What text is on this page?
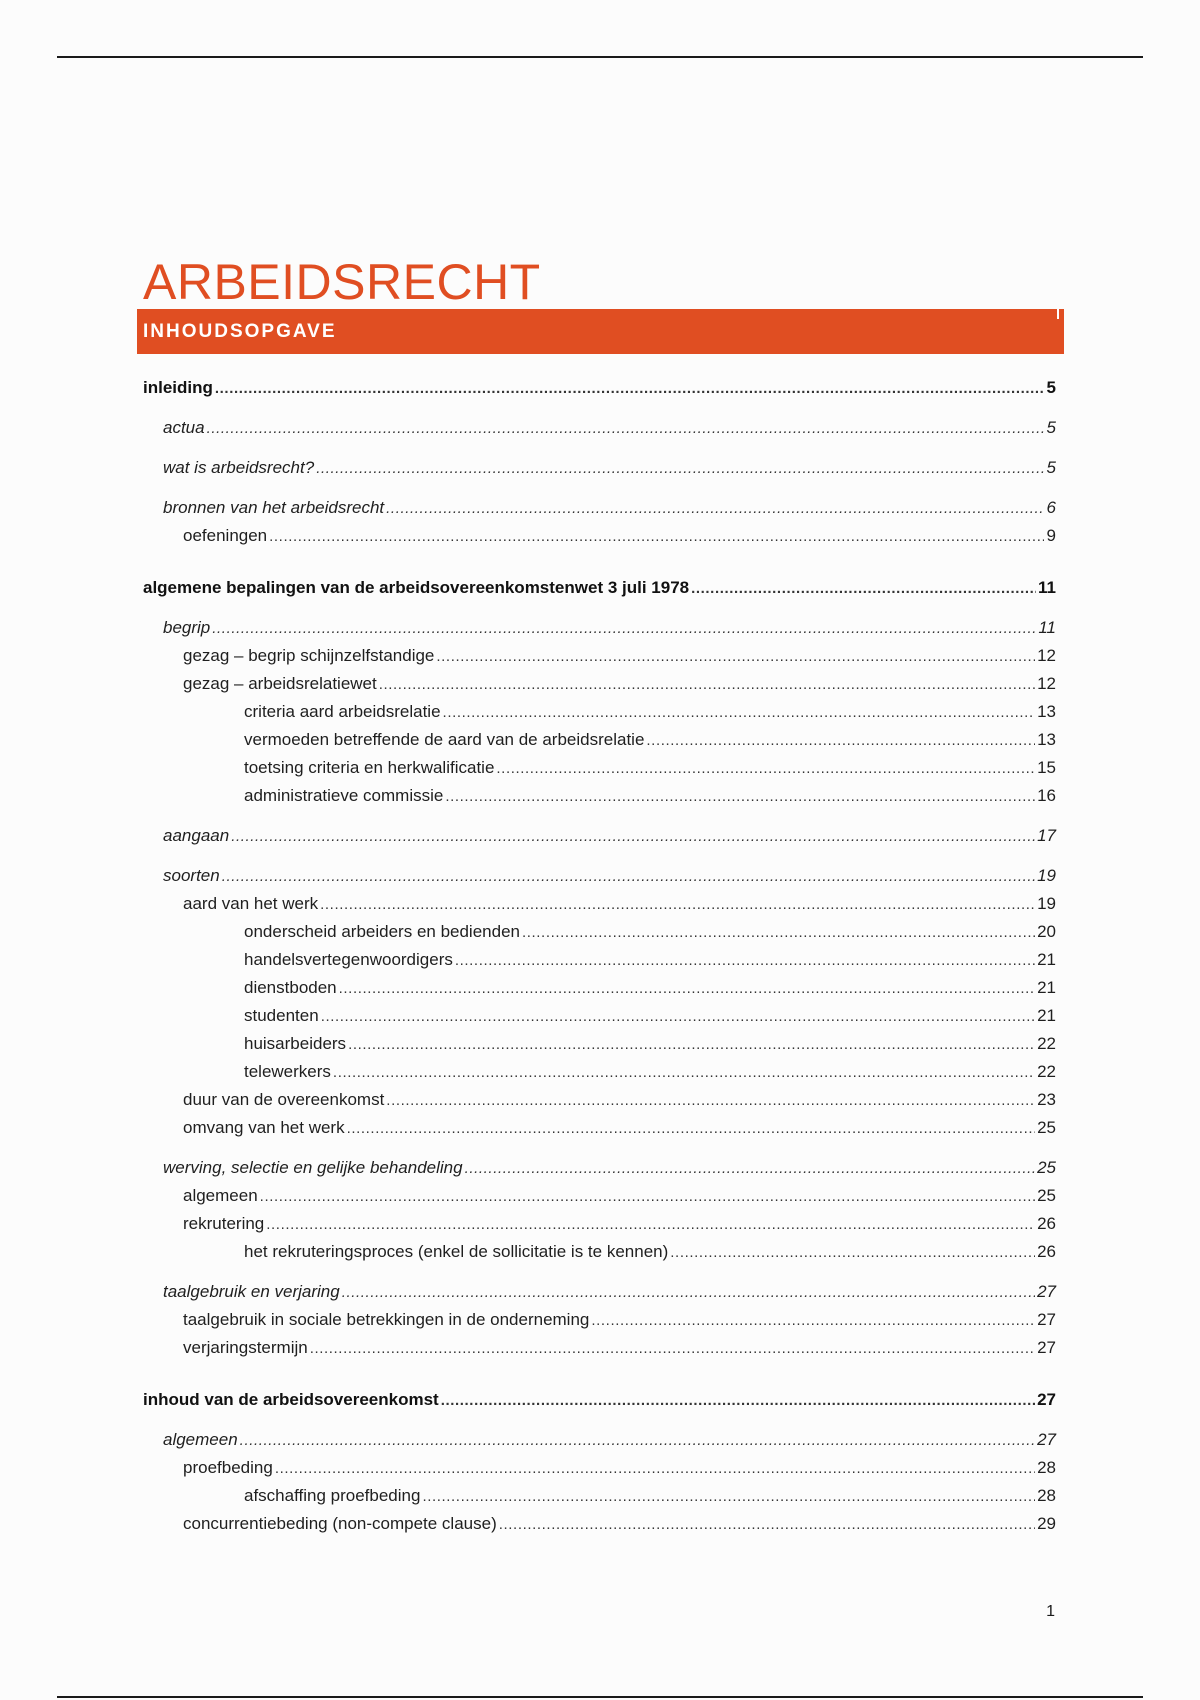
ARBEIDSRECHT
INHOUDSOPGAVE
inleiding .....	5
actua .....	5
wat is arbeidsrecht? .....	5
bronnen van het arbeidsrecht .....	6
oefeningen .....	9
algemene bepalingen van de arbeidsovereenkomstenwet 3 juli 1978 .....	11
begrip .....	11
gezag – begrip schijnzelfstandige .....	12
gezag – arbeidsrelatiewet .....	12
criteria aard arbeidsrelatie .....	13
vermoeden betreffende de aard van de arbeidsrelatie .....	13
toetsing criteria en herkwalificatie .....	15
administratieve commissie .....	16
aangaan .....	17
soorten .....	19
aard van het werk .....	19
onderscheid arbeiders en bedienden .....	20
handelsvertegenwoordigers .....	21
dienstboden .....	21
studenten .....	21
huisarbeiders .....	22
telewerkers .....	22
duur van de overeenkomst .....	23
omvang van het werk .....	25
werving, selectie en gelijke behandeling .....	25
algemeen .....	25
rekrutering .....	26
het rekruteringsproces (enkel de sollicitatie is te kennen) .....	26
taalgebruik en verjaring .....	27
taalgebruik in sociale betrekkingen in de onderneming .....	27
verjaringstermijn .....	27
inhoud van de arbeidsovereenkomst .....	27
algemeen .....	27
proefbeding .....	28
afschaffing proefbeding .....	28
concurrentiebeding (non-compete clause) .....	29
1
